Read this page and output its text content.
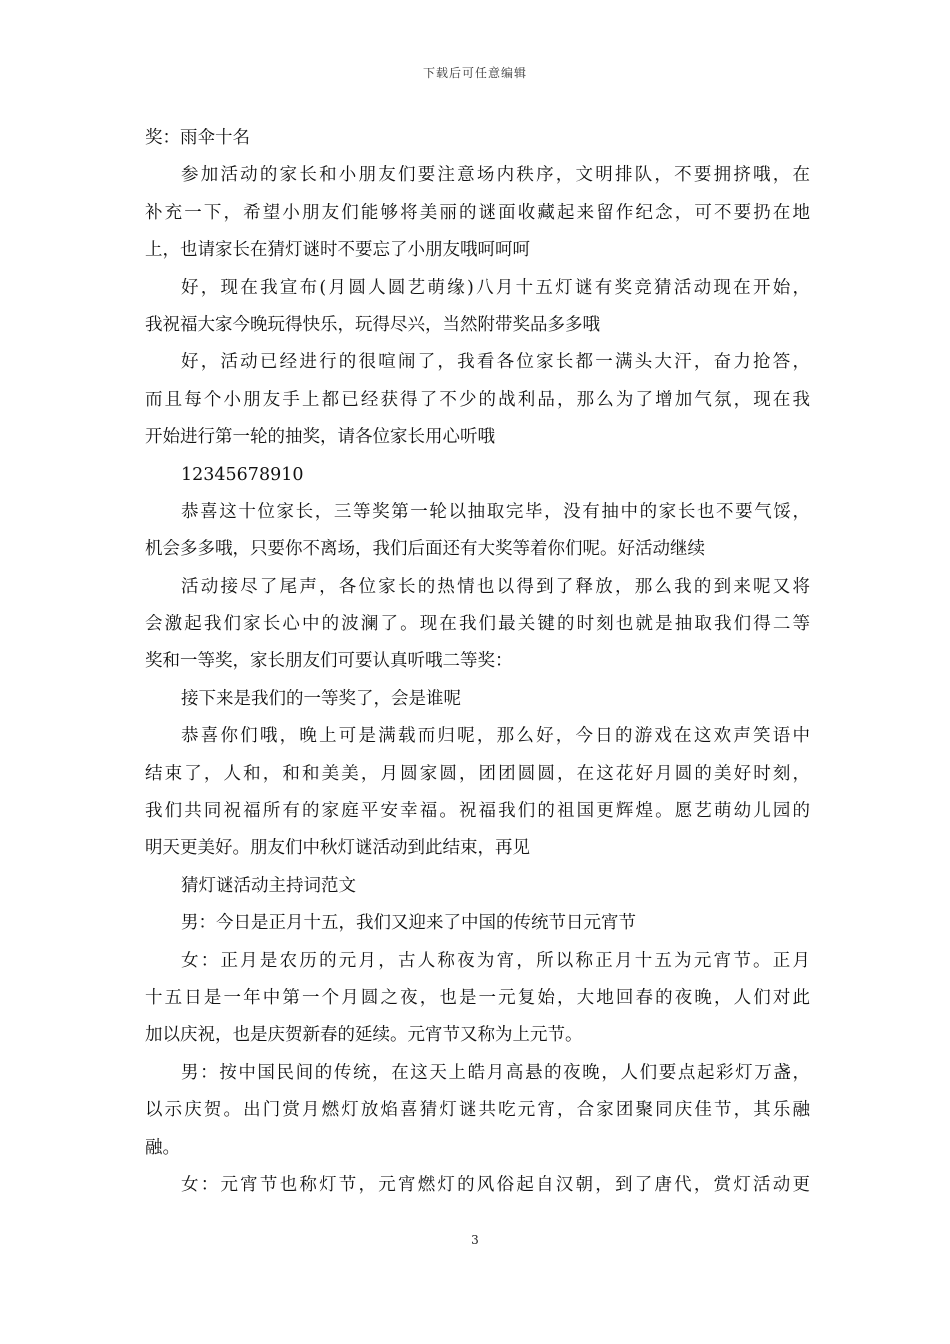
下载后可任意编辑
奖：雨伞十名
参加活动的家长和小朋友们要注意场内秩序，文明排队，不要拥挤哦，在
补充一下，希望小朋友们能够将美丽的谜面收藏起来留作纪念，可不要扔在地
上，也请家长在猜灯谜时不要忘了小朋友哦呵呵呵
好，现在我宣布(月圆人圆艺萌缘)八月十五灯谜有奖竞猜活动现在开始，
我祝福大家今晚玩得快乐，玩得尽兴，当然附带奖品多多哦
好，活动已经进行的很喧闹了，我看各位家长都一满头大汗，奋力抢答，
而且每个小朋友手上都已经获得了不少的战利品，那么为了增加气氛，现在我
开始进行第一轮的抽奖，请各位家长用心听哦
12345678910
恭喜这十位家长，三等奖第一轮以抽取完毕，没有抽中的家长也不要气馁，
机会多多哦，只要你不离场，我们后面还有大奖等着你们呢。好活动继续
活动接尽了尾声，各位家长的热情也以得到了释放，那么我的到来呢又将
会激起我们家长心中的波澜了。现在我们最关键的时刻也就是抽取我们得二等
奖和一等奖，家长朋友们可要认真听哦二等奖：
接下来是我们的一等奖了，会是谁呢
恭喜你们哦，晚上可是满载而归呢，那么好，今日的游戏在这欢声笑语中
结束了，人和，和和美美，月圆家圆，团团圆圆，在这花好月圆的美好时刻，
我们共同祝福所有的家庭平安幸福。祝福我们的祖国更辉煌。愿艺萌幼儿园的
明天更美好。朋友们中秋灯谜活动到此结束，再见
猜灯谜活动主持词范文
男：今日是正月十五，我们又迎来了中国的传统节日元宵节
女：正月是农历的元月，古人称夜为宵，所以称正月十五为元宵节。正月
十五日是一年中第一个月圆之夜，也是一元复始，大地回春的夜晚，人们对此
加以庆祝，也是庆贺新春的延续。元宵节又称为上元节。
男：按中国民间的传统，在这天上皓月高悬的夜晚，人们要点起彩灯万盏，
以示庆贺。出门赏月燃灯放焰喜猜灯谜共吃元宵，合家团聚同庆佳节，其乐融
融。
女：元宵节也称灯节，元宵燃灯的风俗起自汉朝，到了唐代，赏灯活动更
3
